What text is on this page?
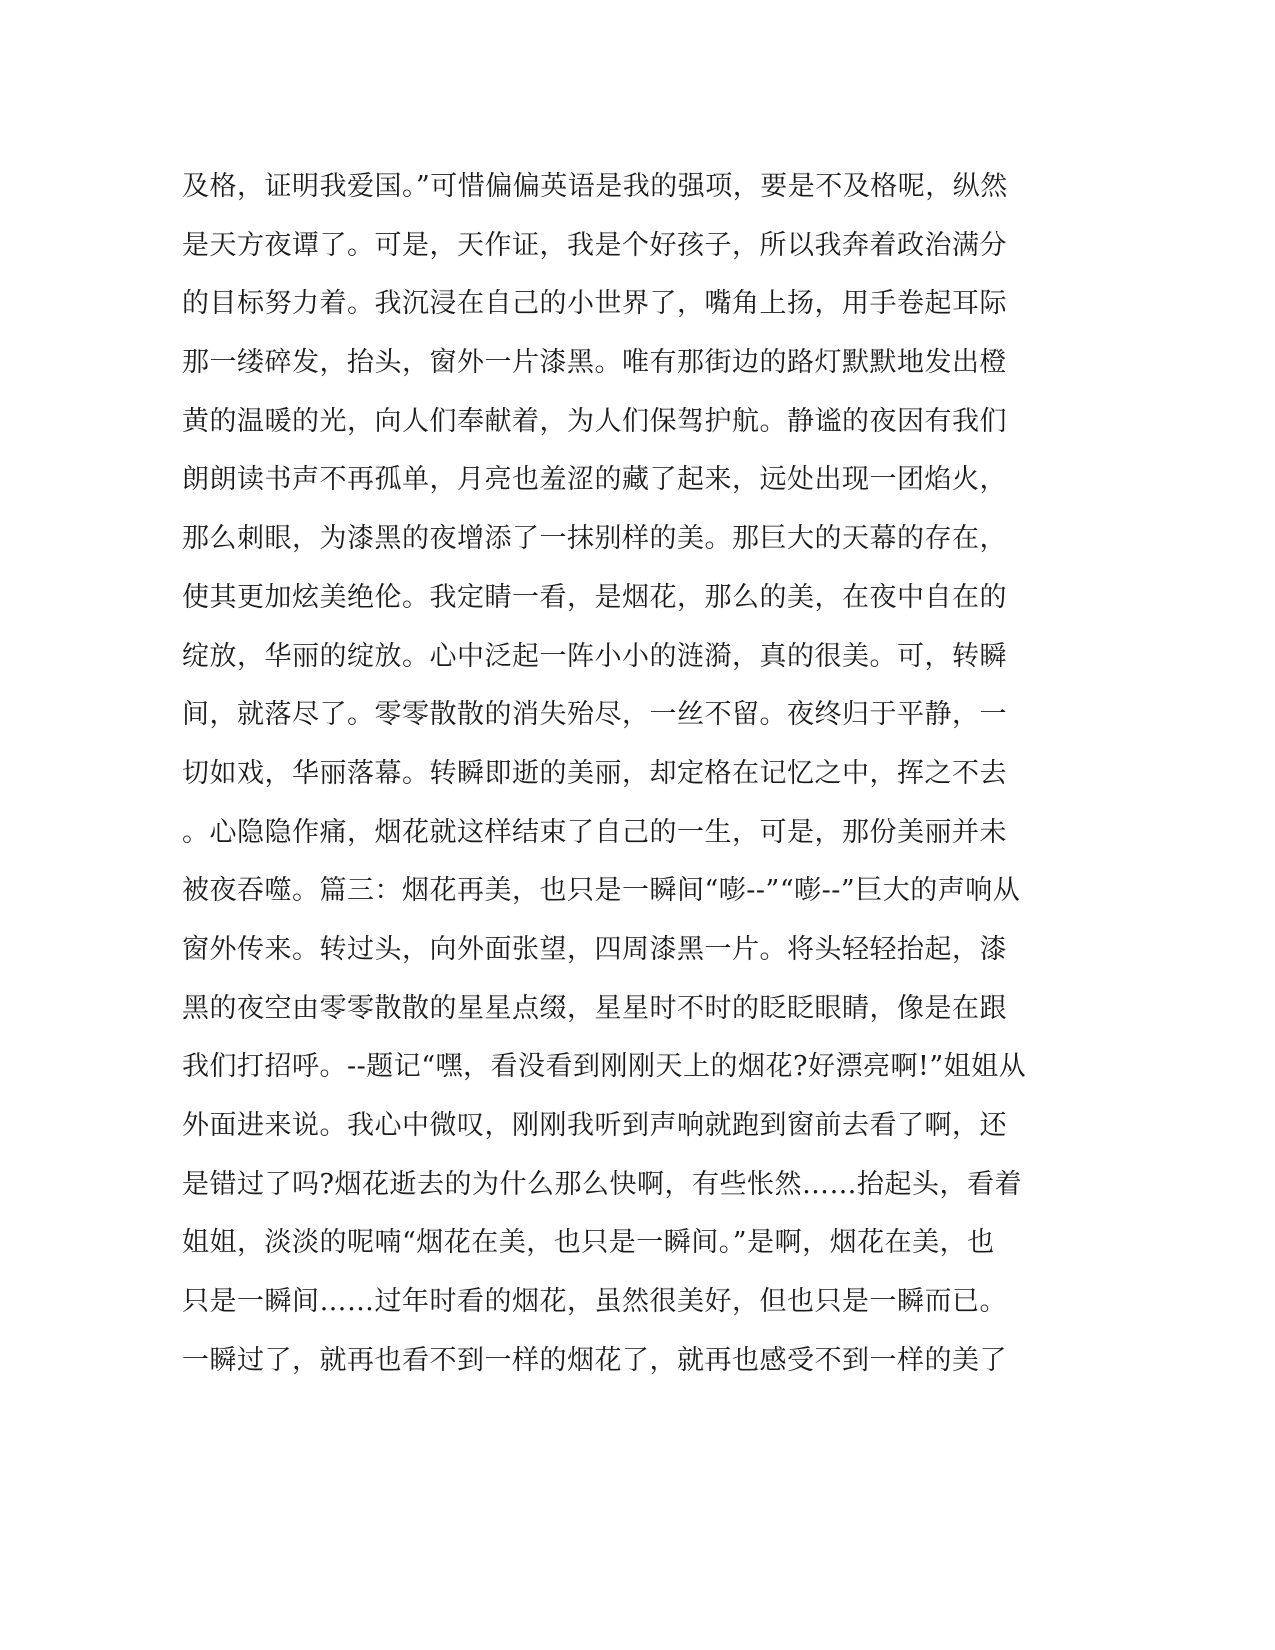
及格，证明我爱国。”可惜偏偏英语是我的强项，要是不及格呢，纵然
是天方夜谭了。可是，天作证，我是个好孩子，所以我奔着政治满分
的目标努力着。我沉浸在自己的小世界了，嘴角上扬，用手卷起耳际
那一缕碎发，抬头，窗外一片漆黑。唯有那街边的路灯默默地发出橙
黄的温暖的光，向人们奉献着，为人们保驾护航。静谧的夜因有我们
朗朗读书声不再孤单，月亮也羞涩的藏了起来，远处出现一团焰火，
那么刺眼，为漆黑的夜增添了一抹别样的美。那巨大的天幕的存在，
使其更加炫美绝伦。我定睛一看，是烟花，那么的美，在夜中自在的
绽放，华丽的绽放。心中泛起一阵小小的涟漪，真的很美。可，转瞬
间，就落尽了。零零散散的消失殆尽，一丝不留。夜终归于平静，一
切如戏，华丽落幕。转瞬即逝的美丽，却定格在记忆之中，挥之不去
。心隐隐作痛，烟花就这样结束了自己的一生，可是，那份美丽并未
被夜吞噬。篇三：烟花再美，也只是一瞬间“嘭--”“嘭--”巨大的声响从
窗外传来。转过头，向外面张望，四周漆黑一片。将头轻轻抬起，漆
黑的夜空由零零散散的星星点缀，星星时不时的眨眨眼睛，像是在跟
我们打招呼。--题记“嘿，看没看到刚刚天上的烟花?好漂亮啊!”姐姐从
外面进来说。我心中微叹，刚刚我听到声响就跑到窗前去看了啊，还
是错过了吗?烟花逝去的为什么那么快啊，有些怅然……抬起头，看着
姐姐，淡淡的呢喃“烟花在美，也只是一瞬间。”是啊，烟花在美，也
只是一瞬间……过年时看的烟花，虽然很美好，但也只是一瞬而已。
一瞬过了，就再也看不到一样的烟花了，就再也感受不到一样的美了
